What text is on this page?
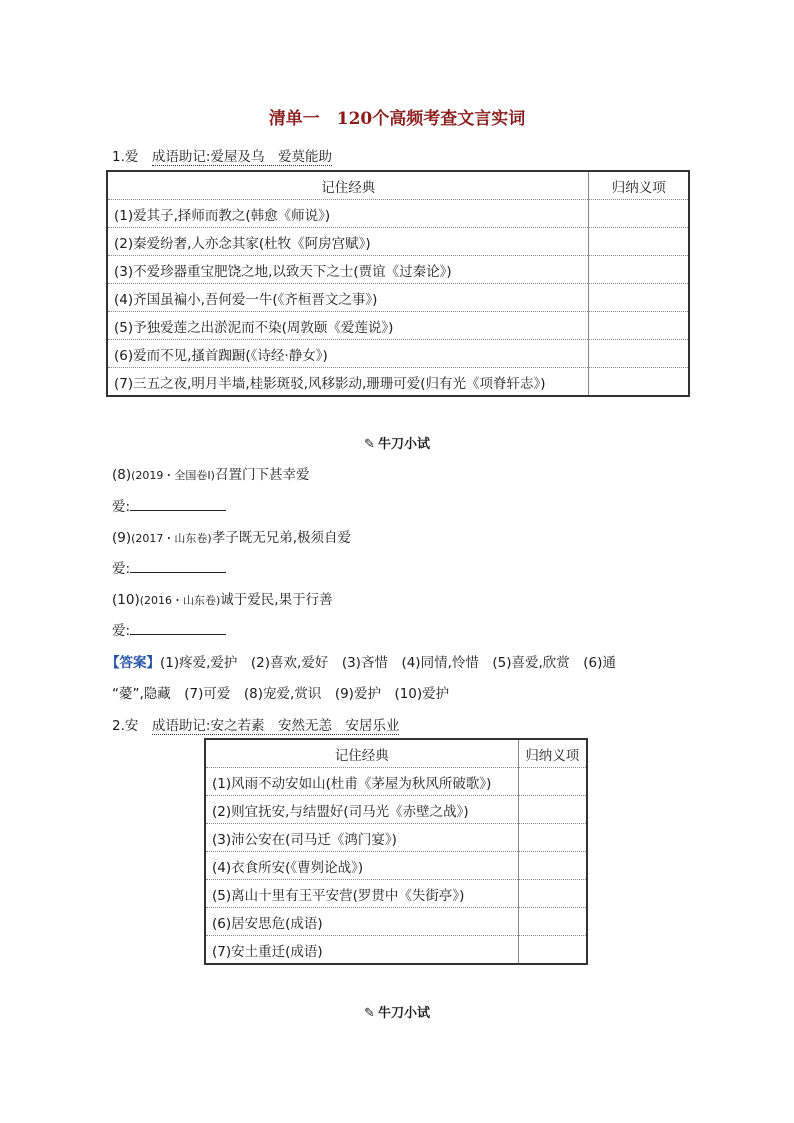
清单一　120个高频考查文言实词
1.爱　 成语助记:爱屋及乌　爱莫能助
记住经典	归纳义项
(1)爱其子,择师而教之(韩愈《师说》)	
(2)秦爱纷奢,人亦念其家(杜牧《阿房宫赋》)	
(3)不爱珍器重宝肥饶之地,以致天下之士(贾谊《过秦论》)	
(4)齐国虽褊小,吾何爱一牛(《齐桓晋文之事》)	
(5)予独爱莲之出淤泥而不染(周敦颐《爱莲说》)	
(6)爱而不见,搔首踟蹰(《诗经·静女》)	
(7)三五之夜,明月半墙,桂影斑驳,风移影动,珊珊可爱(归有光《项脊轩志》)	
✎ 牛刀小试
(8)(2019・全国卷Ⅰ)召置门下甚幸爱
爱:
(9)(2017・山东卷)孝子既无兄弟,极须自爱
爱:
(10)(2016・山东卷)诚于爱民,果于行善
爱:
【答案】(1)疼爱,爱护　(2)喜欢,爱好　(3)吝惜　(4)同情,怜惜　(5)喜爱,欣赏　(6)通
“薆”,隐藏　(7)可爱　(8)宠爱,赏识　(9)爱护　(10)爱护
2.安　 成语助记:安之若素　安然无恙　安居乐业
记住经典	归纳义项
(1)风雨不动安如山(杜甫《茅屋为秋风所破歌》)	
(2)则宜抚安,与结盟好(司马光《赤壁之战》)	
(3)沛公安在(司马迁《鸿门宴》)	
(4)衣食所安(《曹刿论战》)	
(5)离山十里有王平安营(罗贯中《失街亭》)	
(6)居安思危(成语)	
(7)安土重迁(成语)	
✎ 牛刀小试
